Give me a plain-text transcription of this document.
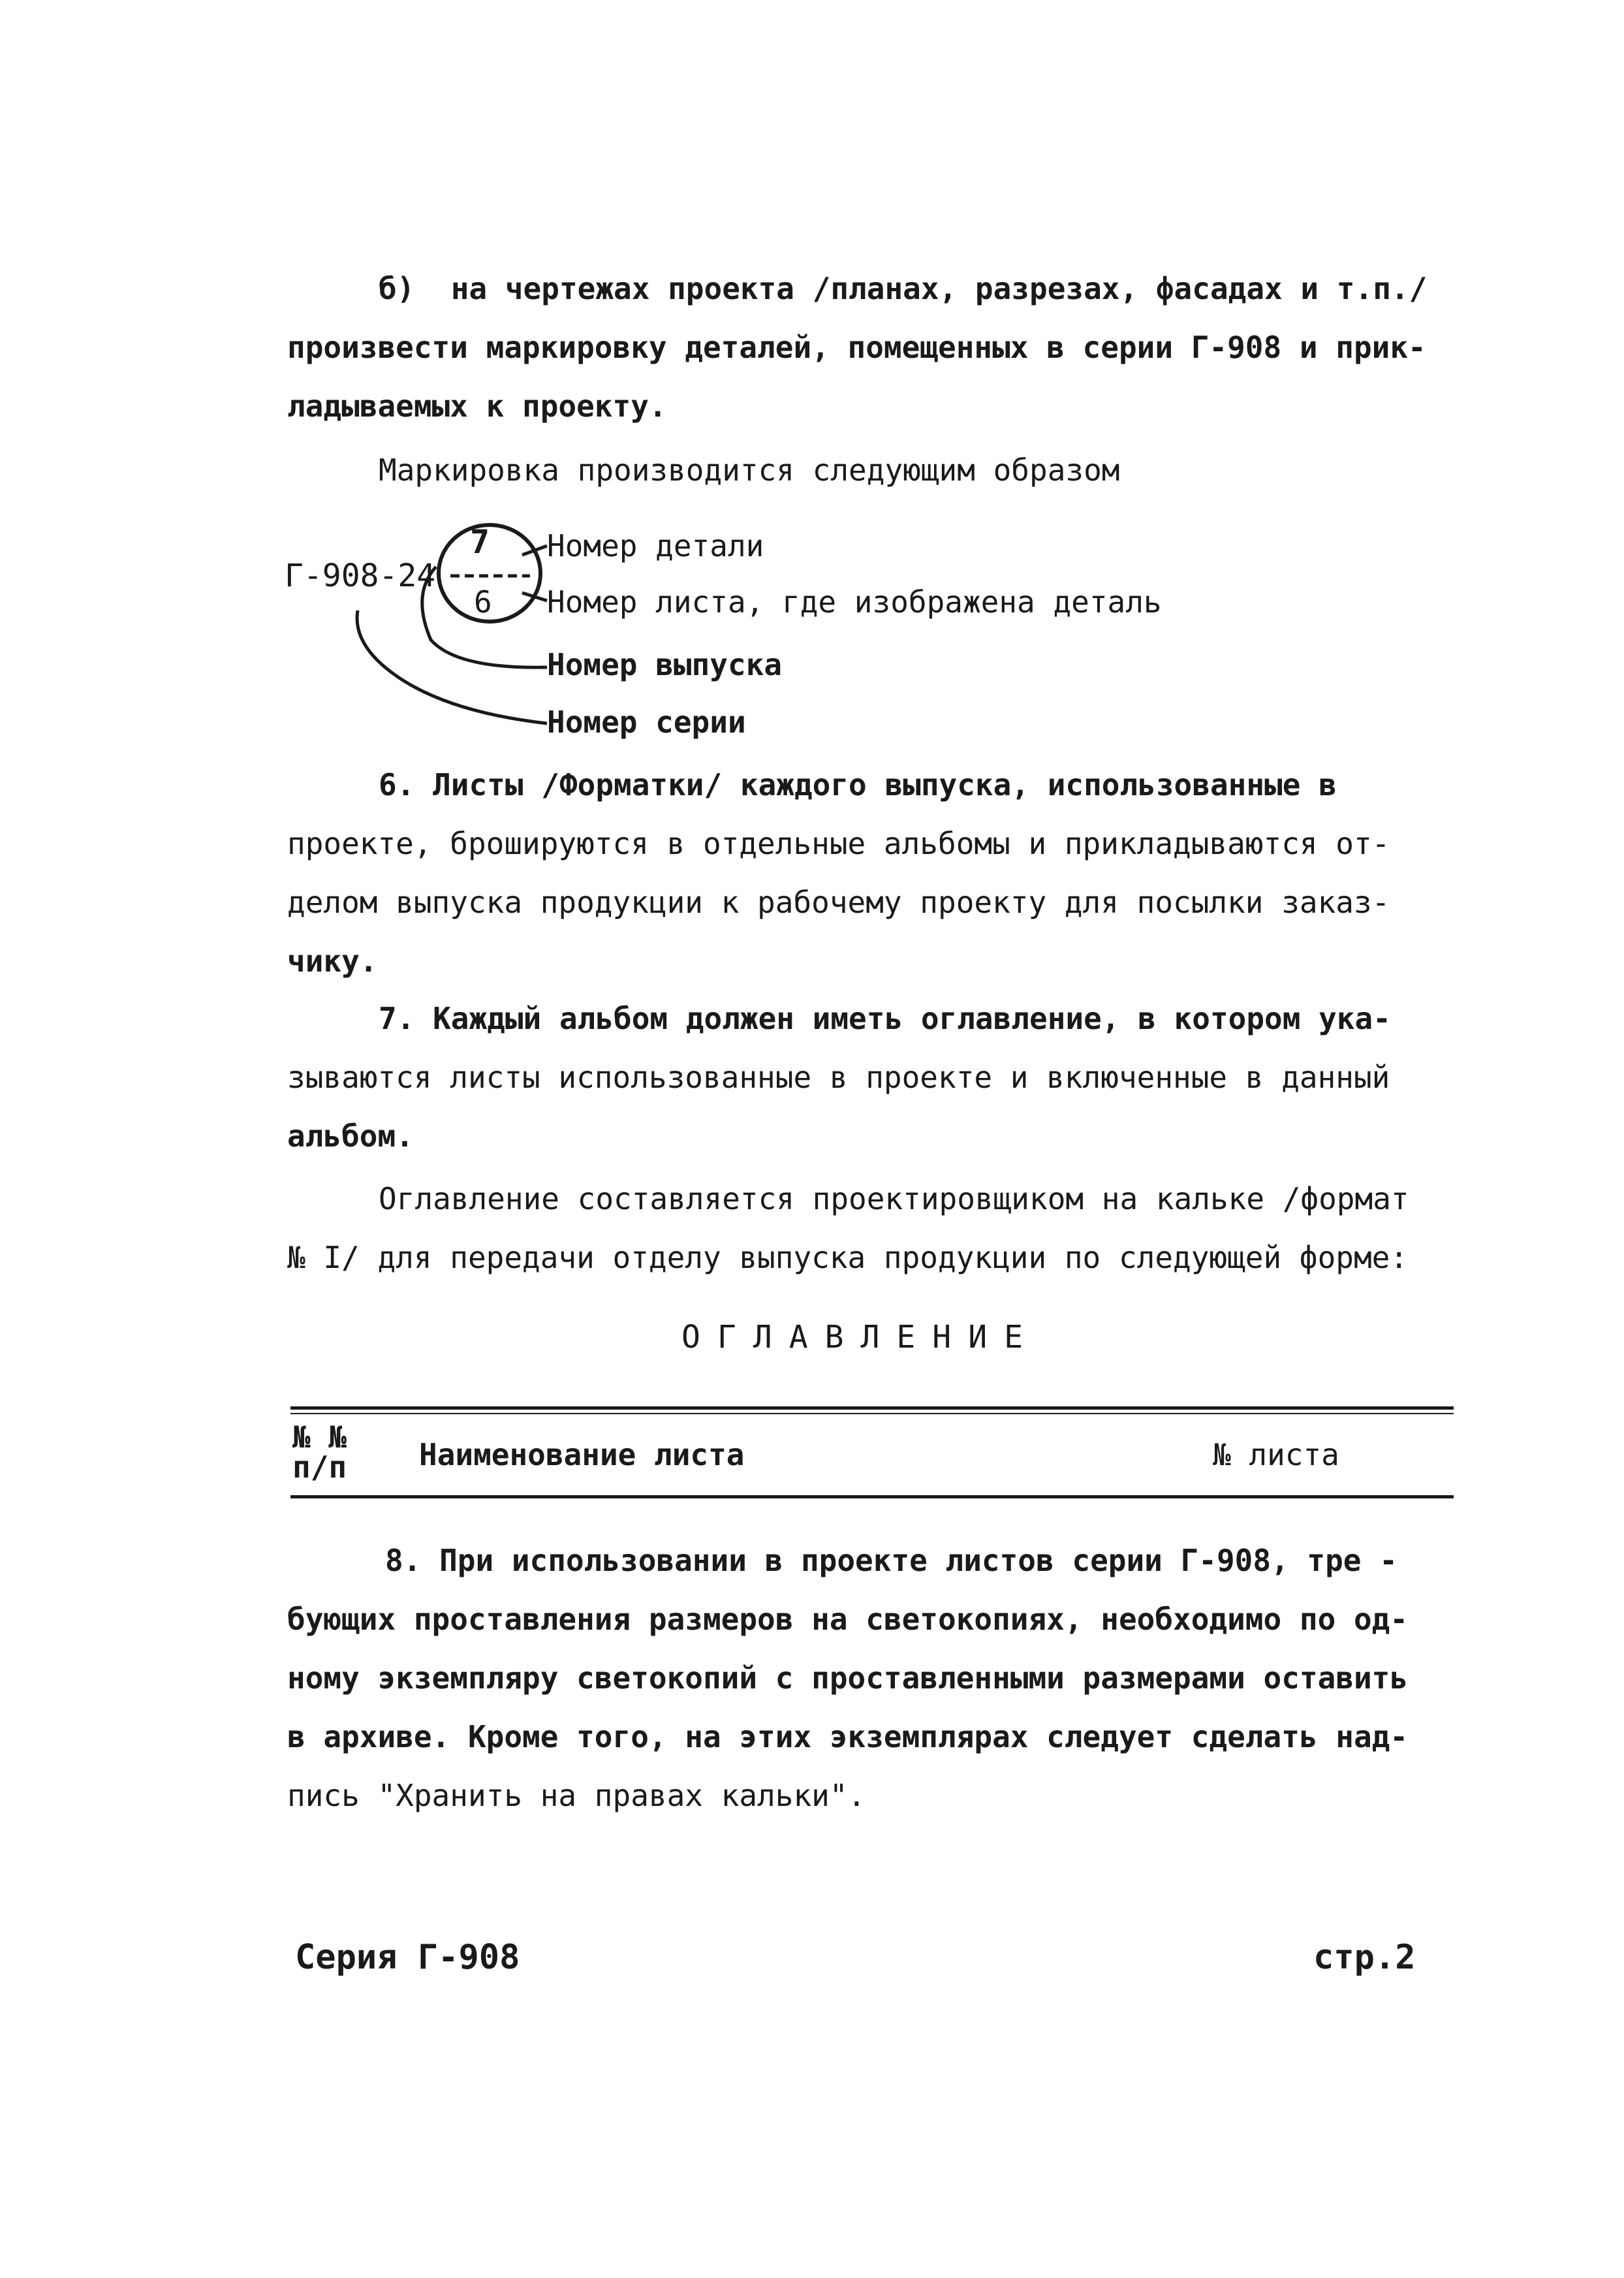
б)  на чертежах проекта /планах, разрезах, фасадах и т.п./
произвести маркировку деталей, помещенных в серии Г-908 и прик-
ладываемых к проекту.
Маркировка производится следующим образом
Г-908-24
7
6
Номер детали
Номер листа, где изображена деталь
Номер выпуска
Номер серии
6. Листы /Форматки/ каждого выпуска, использованные в
проекте, брошируются в отдельные альбомы и прикладываются от-
делом выпуска продукции к рабочему проекту для посылки заказ-
чику.
7. Каждый альбом должен иметь оглавление, в котором ука-
зываются листы использованные в проекте и включенные в данный
альбом.
Оглавление составляется проектировщиком на кальке /формат
№ I/ для передачи отделу выпуска продукции по следующей форме:
ОГЛАВЛЕНИЕ
№ №
п/п Наименование листа	№ листа
8. При использовании в проекте листов серии Г-908, тре -
бующих проставления размеров на светокопиях, необходимо по од-
ному экземпляру светокопий с проставленными размерами оставить
в архиве. Кроме того, на этих экземплярах следует сделать над-
пись "Хранить на правах кальки".
Серия Г-908	стр.2
